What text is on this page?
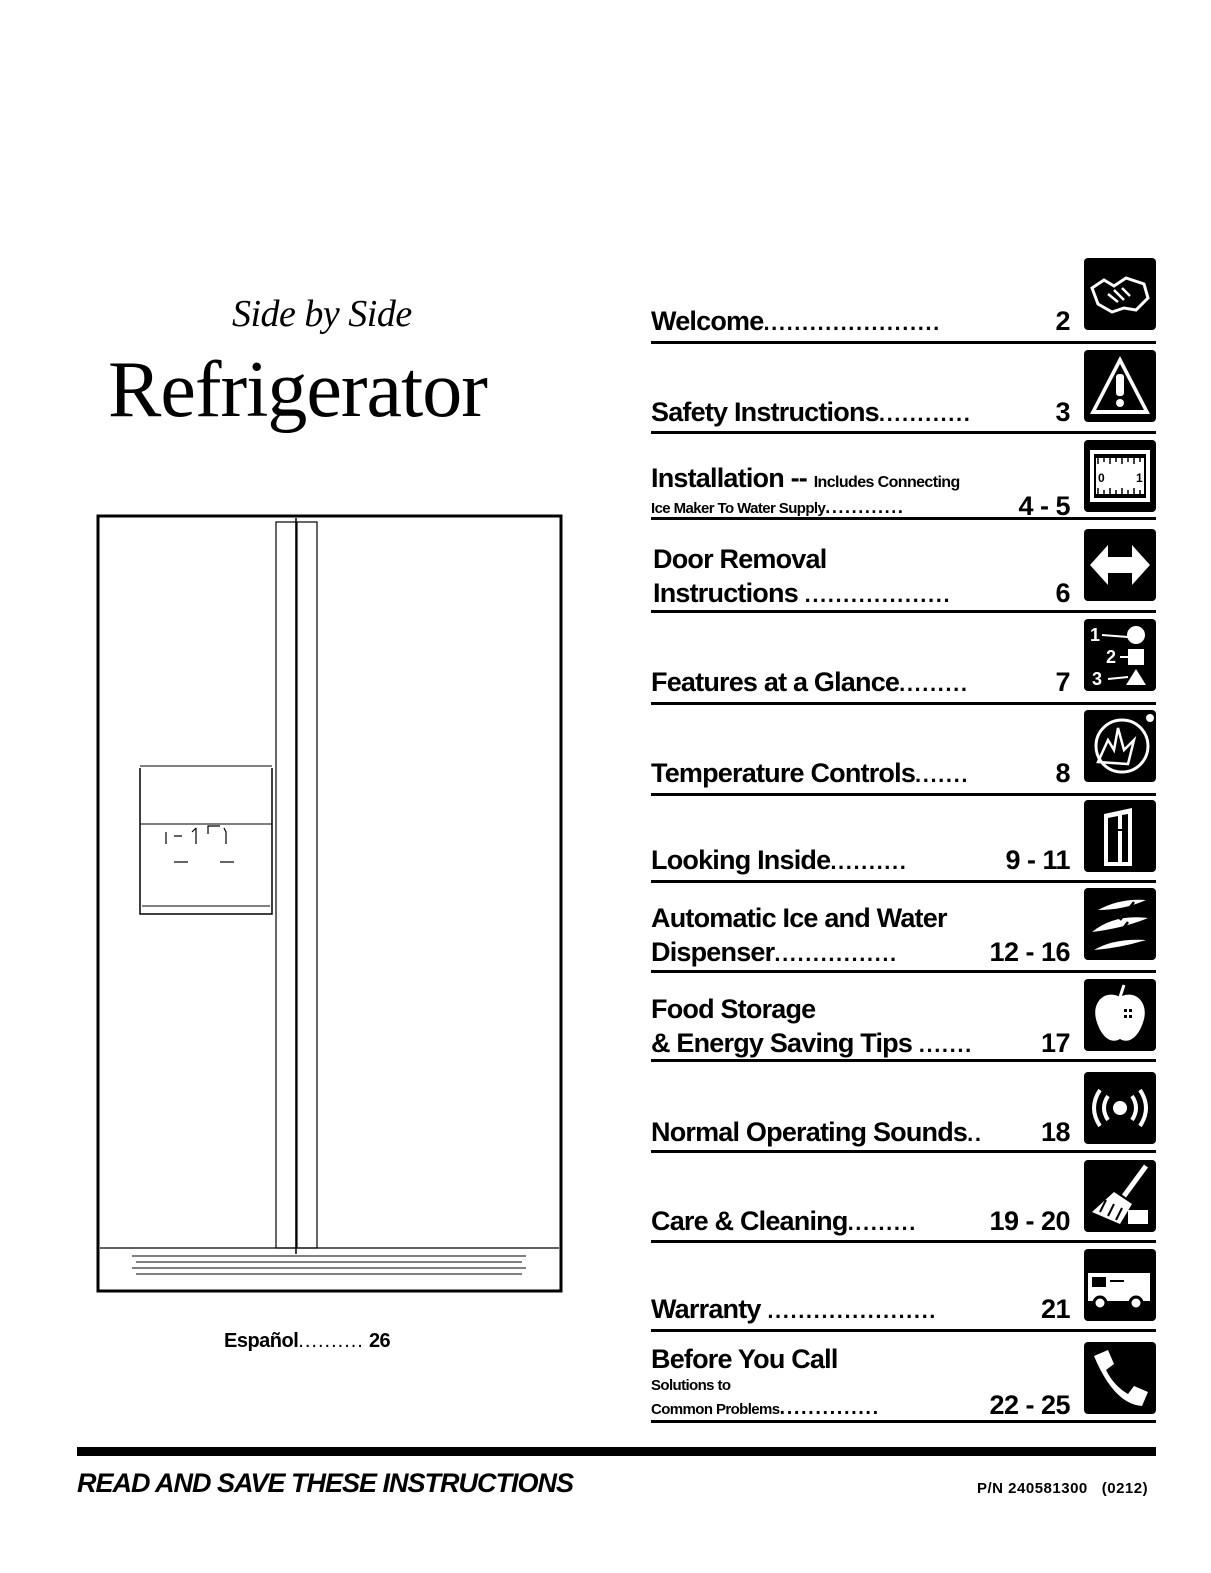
Side by Side
Refrigerator
Español.......... 26
Welcome.......................	2
Safety Instructions............	3
Installation -- Includes Connecting
Ice Maker To Water Supply............	4 - 5
0	1
Door Removal
Instructions ...................	6
Features at a Glance.........	7
1
2
3
Temperature Controls.......	8
Looking Inside..........	9 - 11
Automatic Ice and Water
Dispenser................	12 - 16
Food Storage
& Energy Saving Tips .......	17
Normal Operating Sounds.. 18
Care & Cleaning.........	19 - 20
Warranty ......................	21
Before You Call
Solutions to
Common Problems..............	22 - 25
READ AND SAVE THESE INSTRUCTIONS	P/N 240581300   (0212)
